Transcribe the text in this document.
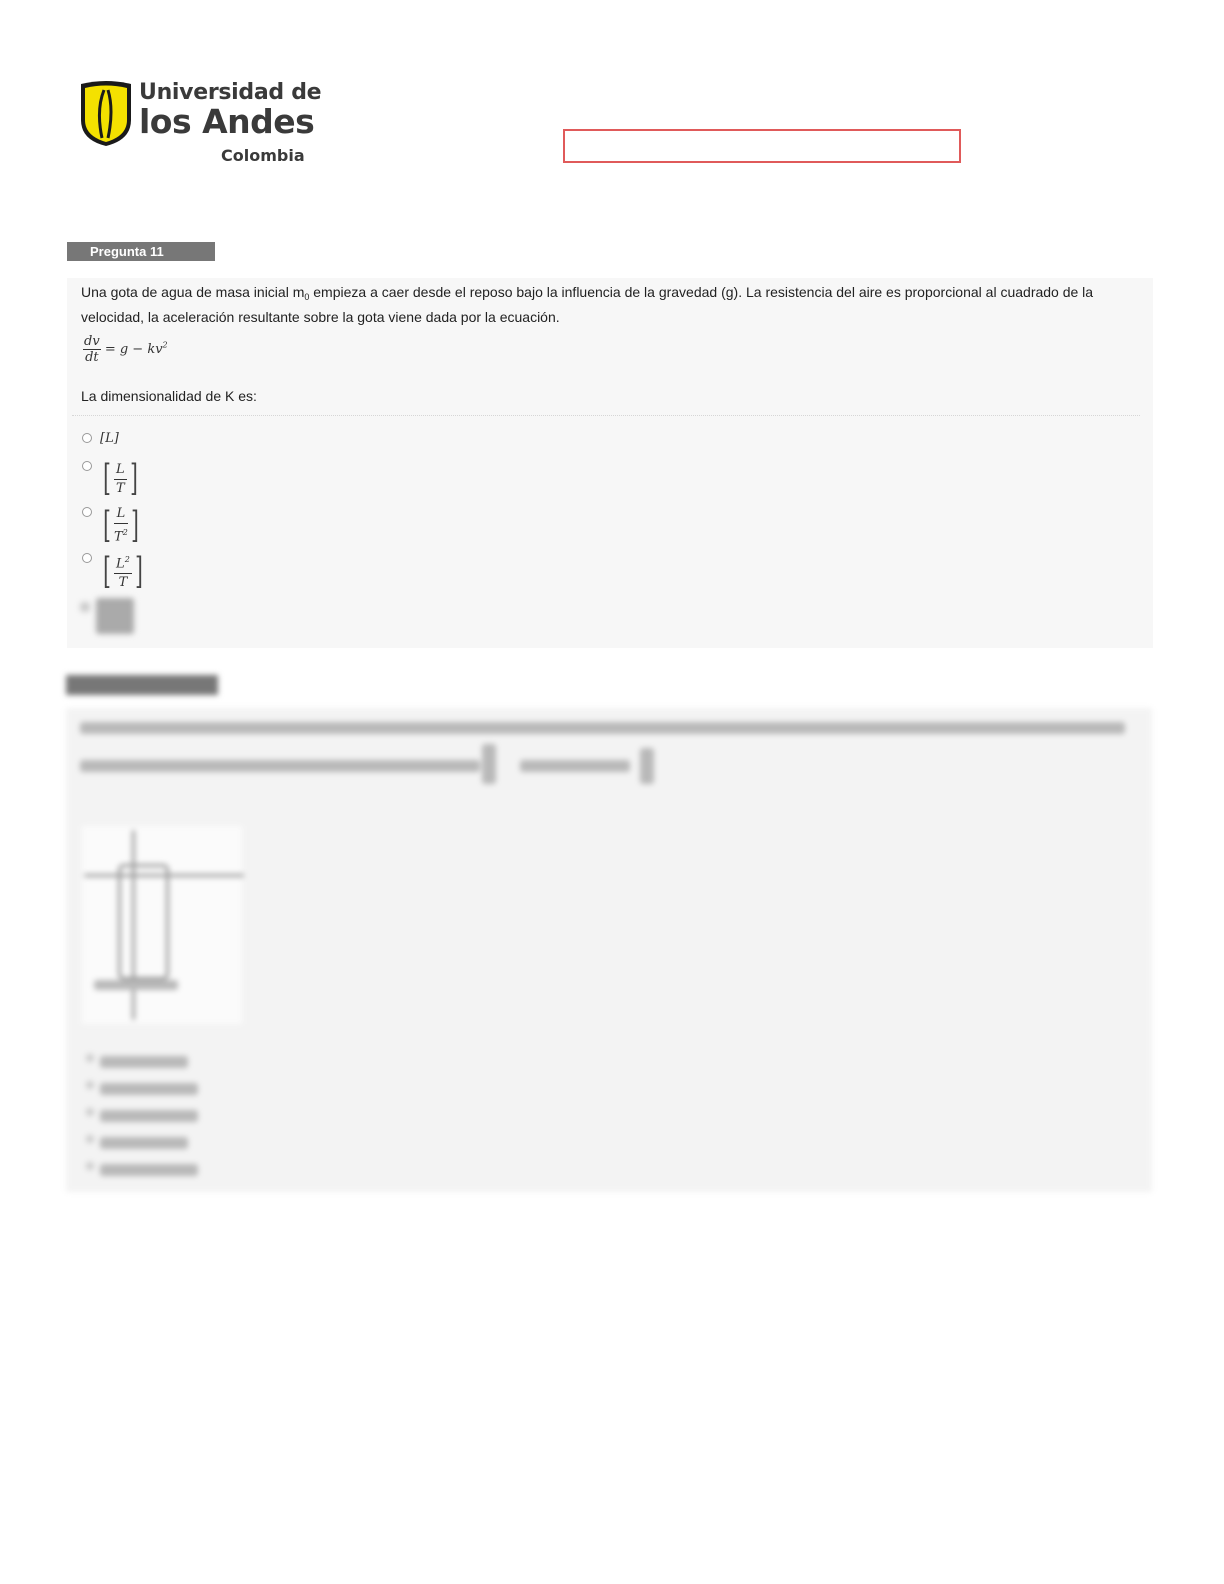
Universidad de
los Andes
Colombia
Pregunta 11
Una gota de agua de masa inicial $m_0$ empieza a caer desde el reposo bajo la influencia de la gravedad (g). La resistencia del aire es proporcional al cuadrado de la velocidad, la aceleración resultante sobre la gota viene dada por la ecuación.
$\frac{dv}{dt} = g - kv^2$
La dimensionalidad de K es:
[L]
[ $\frac{L}{T}$ ]
[ L
$T^2$ ]
[ $L^2$
T ]
